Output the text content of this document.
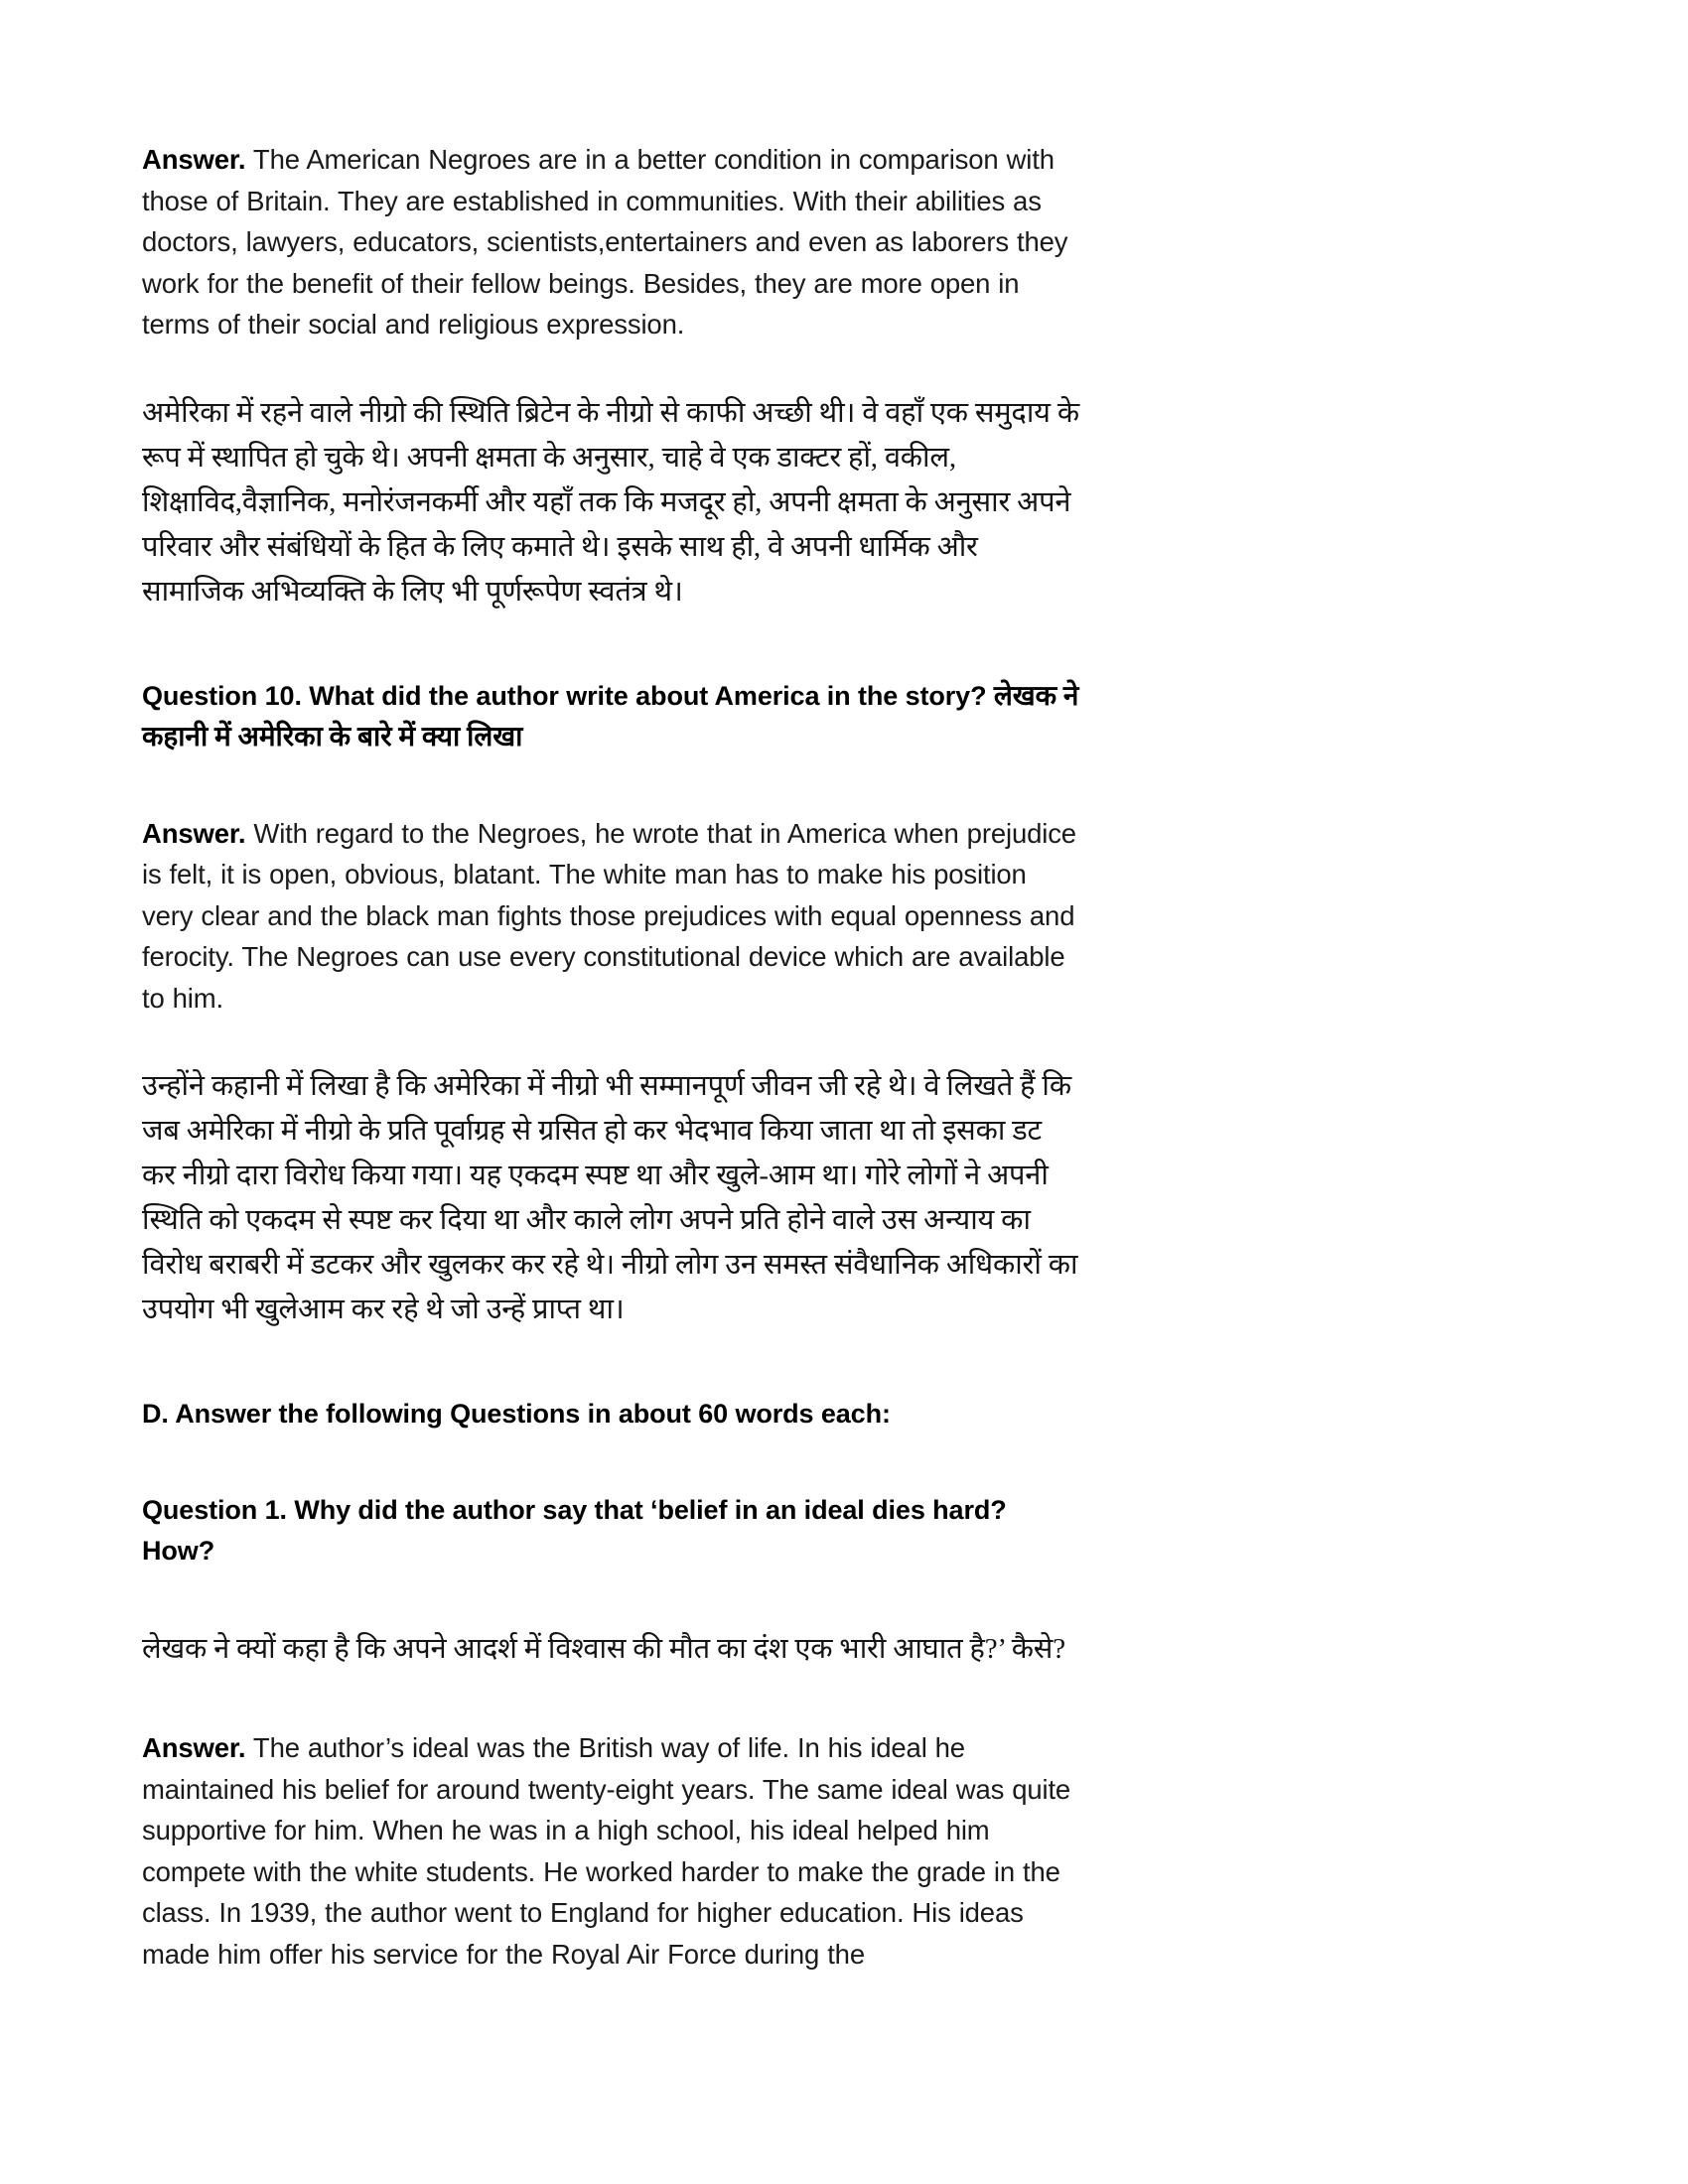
Answer. The American Negroes are in a better condition in comparison with those of Britain. They are established in communities. With their abilities as doctors, lawyers, educators, scientists,entertainers and even as laborers they work for the benefit of their fellow beings. Besides, they are more open in terms of their social and religious expression.

अमेरिका में रहने वाले नीग्रो की स्थिति ब्रिटेन के नीग्रो से काफी अच्छी थी। वे वहाँ एक समुदाय के रूप में स्थापित हो चुके थे। अपनी क्षमता के अनुसार, चाहे वे एक डाक्टर हों, वकील, शिक्षाविद,वैज्ञानिक, मनोरंजनकर्मी और यहाँ तक कि मजदूर हो, अपनी क्षमता के अनुसार अपने परिवार और संबंधियों के हित के लिए कमाते थे। इसके साथ ही, वे अपनी धार्मिक और सामाजिक अभिव्यक्ति के लिए भी पूर्णरूपेण स्वतंत्र थे।

Question 10. What did the author write about America in the story? लेखक ने कहानी में अमेरिका के बारे में क्या लिखा

Answer. With regard to the Negroes, he wrote that in America when prejudice is felt, it is open, obvious, blatant. The white man has to make his position very clear and the black man fights those prejudices with equal openness and ferocity. The Negroes can use every constitutional device which are available to him.

उन्होंने कहानी में लिखा है कि अमेरिका में नीग्रो भी सम्मानपूर्ण जीवन जी रहे थे। वे लिखते हैं कि जब अमेरिका में नीग्रो के प्रति पूर्वाग्रह से ग्रसित हो कर भेदभाव किया जाता था तो इसका डट कर नीग्रो दारा विरोध किया गया। यह एकदम स्पष्ट था और खुले-आम था। गोरे लोगों ने अपनी स्थिति को एकदम से स्पष्ट कर दिया था और काले लोग अपने प्रति होने वाले उस अन्याय का विरोध बराबरी में डटकर और खुलकर कर रहे थे। नीग्रो लोग उन समस्त संवैधानिक अधिकारों का उपयोग भी खुलेआम कर रहे थे जो उन्हें प्राप्त था।

D. Answer the following Questions in about 60 words each:
Question 1. Why did the author say that ‘belief in an ideal dies hard? How?

लेखक ने क्यों कहा है कि अपने आदर्श में विश्वास की मौत का दंश एक भारी आघात है?’ कैसे?

Answer. The author’s ideal was the British way of life. In his ideal he maintained his belief for around twenty-eight years. The same ideal was quite supportive for him. When he was in a high school, his ideal helped him compete with the white students. He worked harder to make the grade in the class. In 1939, the author went to England for higher education. His ideas made him offer his service for the Royal Air Force during the
